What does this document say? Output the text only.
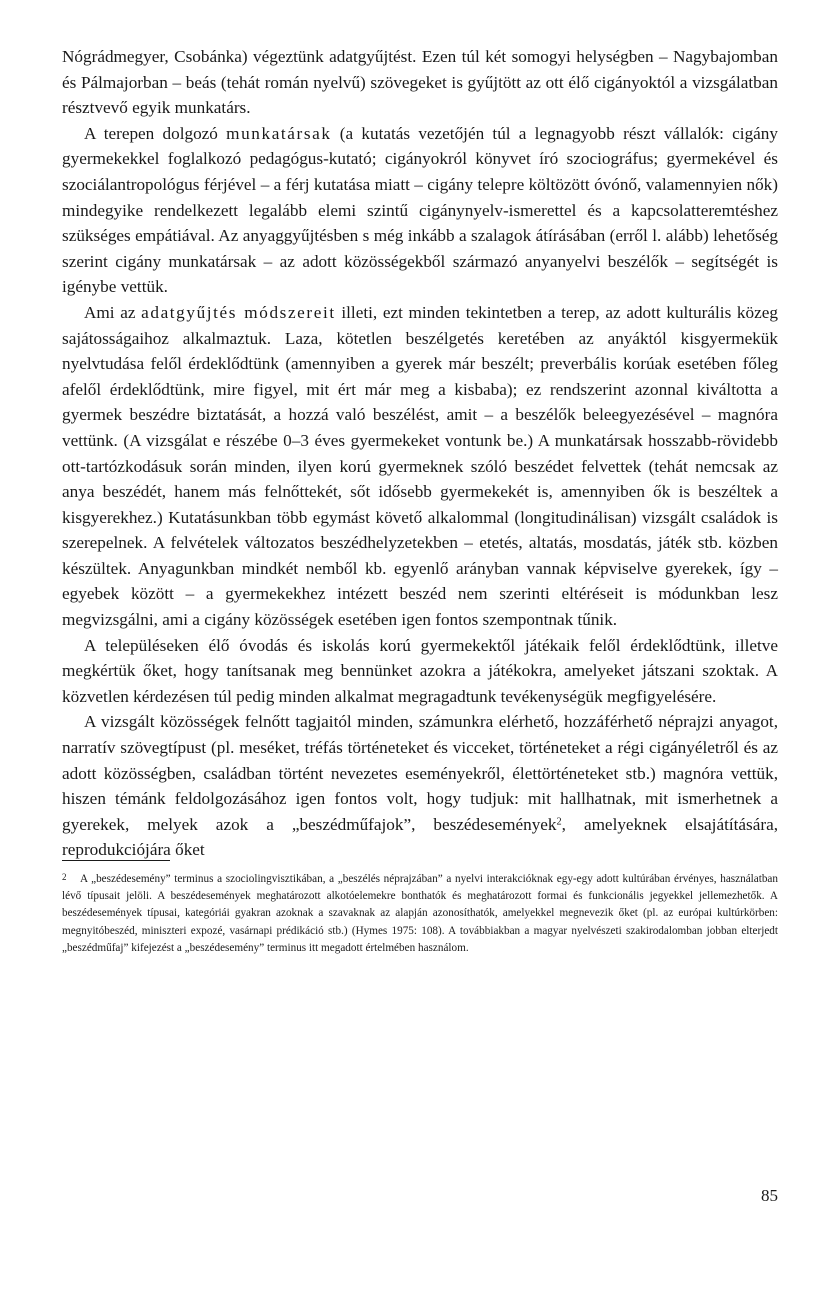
Nógrádmegyer, Csobánka) végeztünk adatgyűjtést. Ezen túl két somogyi helységben – Nagybajomban és Pálmajorban – beás (tehát román nyelvű) szövegeket is gyűjtött az ott élő cigányoktól a vizsgálatban résztvevő egyik munkatárs.

A terepen dolgozó munkatársak (a kutatás vezetőjén túl a legnagyobb részt vállalók: cigány gyermekekkel foglalkozó pedagógus-kutató; cigányokról könyvet író szociográfus; gyermekével és szociálantropológus férjével – a férj kutatása miatt – cigány telepre költözött óvónő, valamennyien nők) mindegyike rendelkezett legalább elemi szintű cigánynyelv-ismerettel és a kapcsolatteremtéshez szükséges empátiával. Az anyaggyűjtésben s még inkább a szalagok átírásában (erről l. alább) lehetőség szerint cigány munkatársak – az adott közösségekből származó anyanyelvi beszélők – segítségét is igénybe vettük.

Ami az adatgyűjtés módszereit illeti, ezt minden tekintetben a terep, az adott kulturális közeg sajátosságaihoz alkalmaztuk. Laza, kötetlen beszélgetés keretében az anyáktól kisgyermekük nyelvtudása felől érdeklődtünk (amennyiben a gyerek már beszélt; preverbális korúak esetében főleg afelől érdeklődtünk, mire figyel, mit ért már meg a kisbaba); ez rendszerint azonnal kiváltotta a gyermek beszédre biztatását, a hozzá való beszélést, amit – a beszélők beleegyezésével – magnóra vettünk. (A vizsgálat e részébe 0–3 éves gyermekeket vontunk be.) A munkatársak hosszabb-rövidebb ott-tartózkodásuk során minden, ilyen korú gyermeknek szóló beszédet felvettek (tehát nemcsak az anya beszédét, hanem más felnőttekét, sőt idősebb gyermekekét is, amennyiben ők is beszéltek a kisgyerekhez.) Kutatásunkban több egymást követő alkalommal (longitudinálisan) vizsgált családok is szerepelnek. A felvételek változatos beszédhelyzetekben – etetés, altatás, mosdatás, játék stb. közben készültek. Anyagunkban mindkét nemből kb. egyenlő arányban vannak képviselve gyerekek, így – egyebek között – a gyermekekhez intézett beszéd nem szerinti eltéréseit is módunkban lesz megvizsgálni, ami a cigány közösségek esetében igen fontos szempontnak tűnik.

A településeken élő óvodás és iskolás korú gyermekektől játékaik felől érdeklődtünk, illetve megkértük őket, hogy tanítsanak meg bennünket azokra a játékokra, amelyeket játszani szoktak. A közvetlen kérdezésen túl pedig minden alkalmat megragadtunk tevékenységük megfigyelésére.

A vizsgált közösségek felnőtt tagjaitól minden, számunkra elérhető, hozzáférhető néprajzi anyagot, narratív szövegtípust (pl. meséket, tréfás történeteket és vicceket, történeteket a régi cigányéletről és az adott közösségben, családban történt nevezetes eseményekről, élettörténeteket stb.) magnóra vettük, hiszen témánk feldolgozásához igen fontos volt, hogy tudjuk: mit hallhatnak, mit ismerhetnek a gyerekek, melyek azok a „beszédműfajok”, beszédesemények$^2$, amelyeknek elsajátítására, reprodukciójára őket

2 A „beszédesemény” terminus a szociolingvisztikában, a „beszélés néprajzában” a nyelvi interakcióknak egy-egy adott kultúrában érvényes, használatban lévő típusait jelöli. A beszédesemények meghatározott alkotóelemekre bonthatók és meghatározott formai és funkcionális jegyekkel jellemezhetők. A beszédesemények típusai, kategóriái gyakran azoknak a szavaknak az alapján azonosíthatók, amelyekkel megnevezik őket (pl. az európai kultúrkörben: megnyitóbeszéd, miniszteri expozé, vasárnapi prédikáció stb.) (Hymes 1975: 108). A továbbiakban a magyar nyelvészeti szakirodalomban jobban elterjedt „beszédműfaj” kifejezést a „beszédesemény” terminus itt megadott értelmében használom.
85
